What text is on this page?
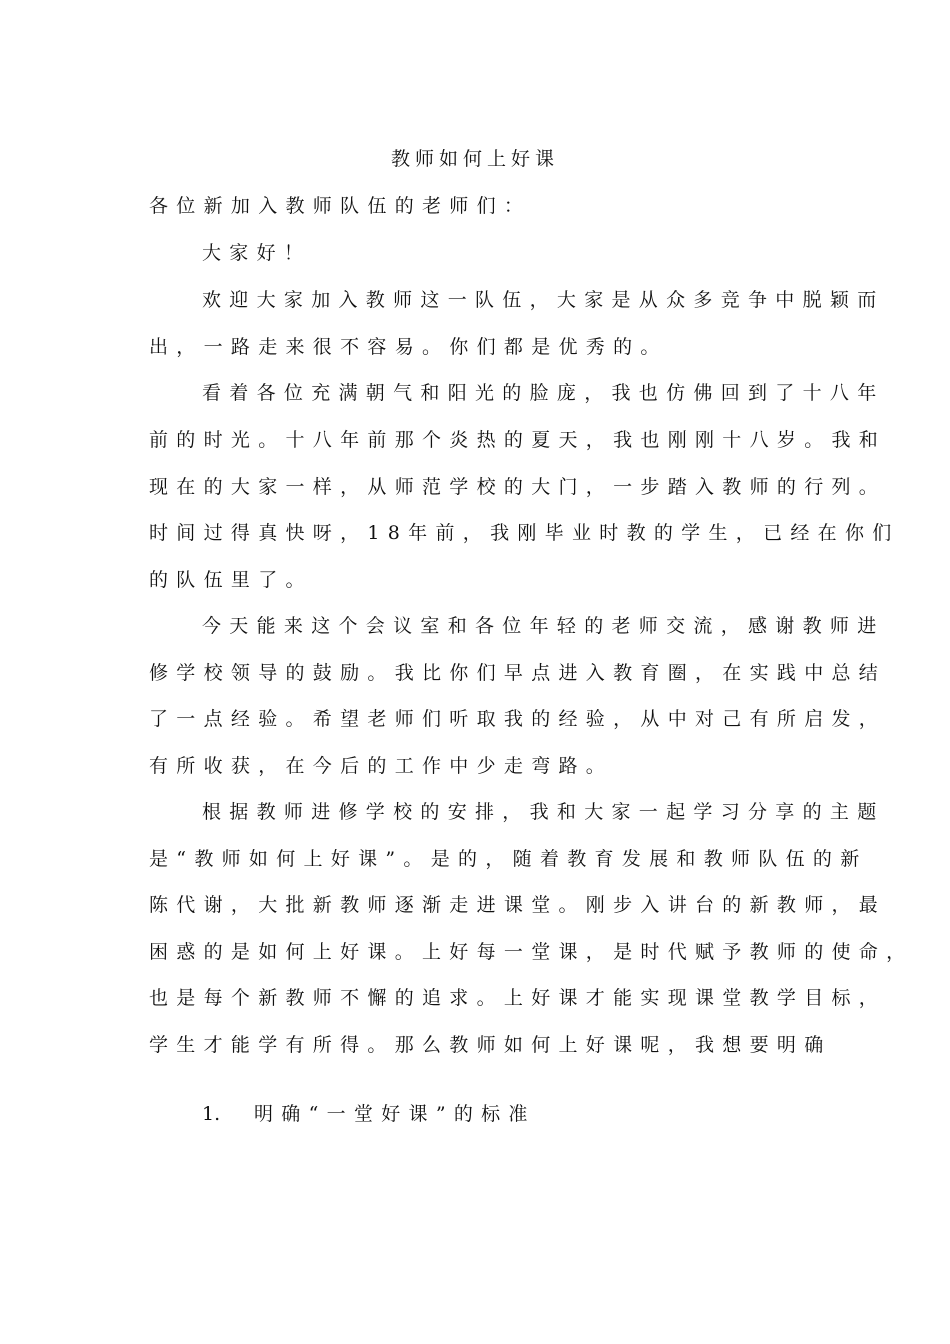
教师如何上好课
各位新加入教师队伍的老师们：
大家好！
欢迎大家加入教师这一队伍，大家是从众多竞争中脱颖而
出，一路走来很不容易。你们都是优秀的。
看着各位充满朝气和阳光的脸庞，我也仿佛回到了十八年
前的时光。十八年前那个炎热的夏天，我也刚刚十八岁。我和
现在的大家一样，从师范学校的大门，一步踏入教师的行列。
时间过得真快呀，18年前，我刚毕业时教的学生，已经在你们
的队伍里了。
今天能来这个会议室和各位年轻的老师交流，感谢教师进
修学校领导的鼓励。我比你们早点进入教育圈，在实践中总结
了一点经验。希望老师们听取我的经验，从中对己有所启发，
有所收获，在今后的工作中少走弯路。
根据教师进修学校的安排，我和大家一起学习分享的主题
是“教师如何上好课”。是的，随着教育发展和教师队伍的新
陈代谢，大批新教师逐渐走进课堂。刚步入讲台的新教师，最
困惑的是如何上好课。上好每一堂课，是时代赋予教师的使命，
也是每个新教师不懈的追求。上好课才能实现课堂教学目标，
学生才能学有所得。那么教师如何上好课呢，我想要明确
1. 明确“一堂好课”的标准
